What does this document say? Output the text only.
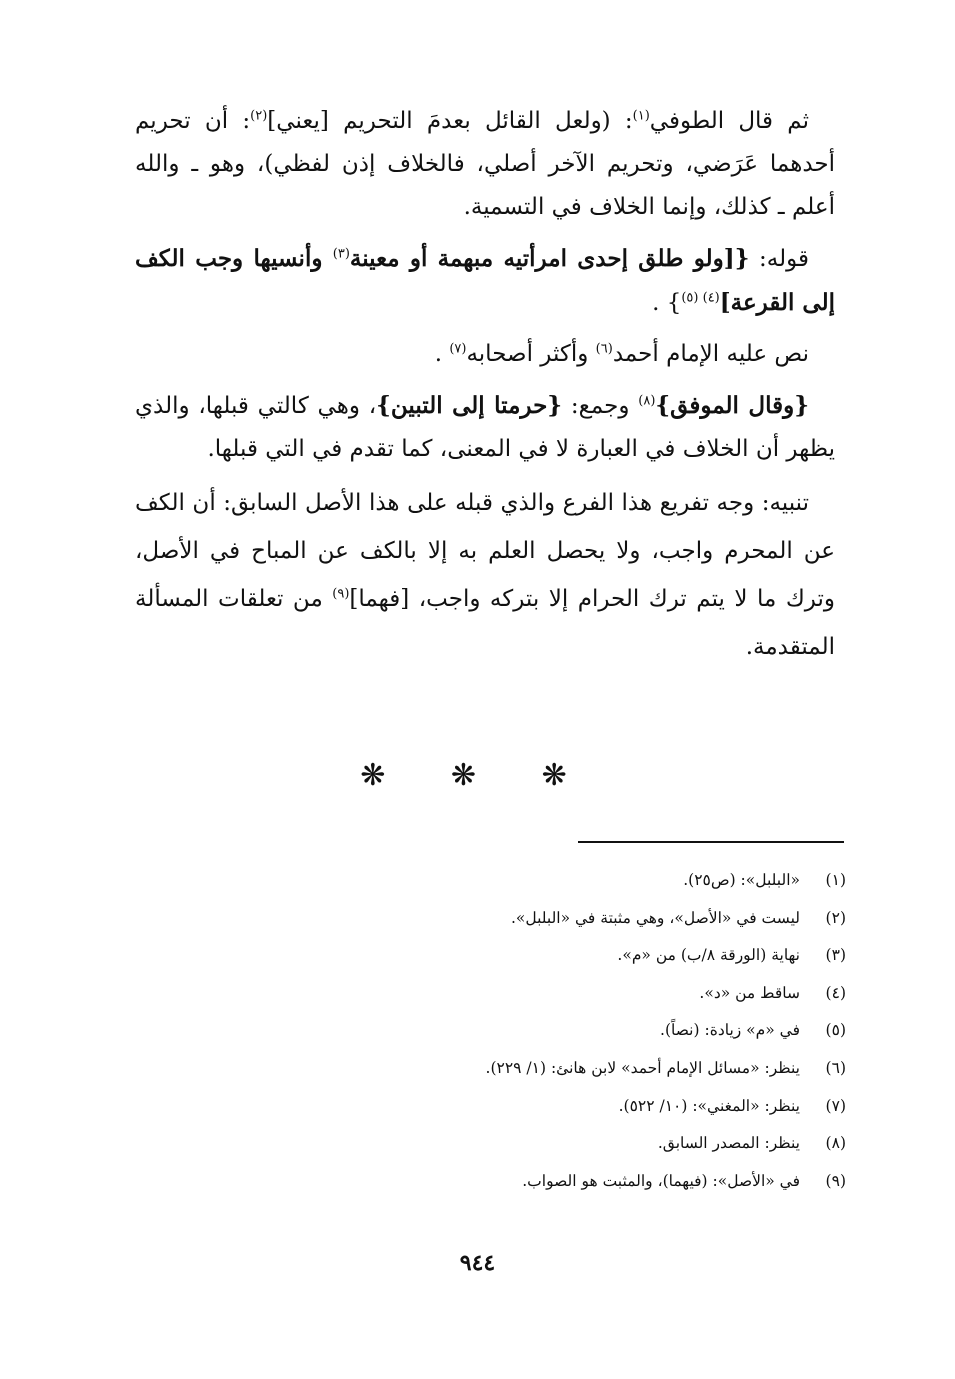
ثم قال الطوفي$^{(١)}$: (ولعل القائل بعدمَ التحريم [يعني]$^{(٢)}$: أن تحريم أحدهما عَرَضي، وتحريم الآخر أصلي، فالخلاف إذن لفظي)، وهو ـ والله أعلم ـ كذلك، وإنما الخلاف في التسمية.

قوله: {[ولو طلق إحدى امرأتيه مبهمة أو معينة$^{(٣)}$ وأنسيها وجب الكف إلى القرعة]$^{(٤) (٥)}$} .

نص عليه الإمام أحمد$^{(٦)}$ وأكثر أصحابه$^{(٧)}$ .

{وقال الموفق}$^{(٨)}$ وجمع: {حرمتا إلى التبين}، وهي كالتي قبلها، والذي يظهر أن الخلاف في العبارة لا في المعنى، كما تقدم في التي قبلها.

تنبيه: وجه تفريع هذا الفرع والذي قبله على هذا الأصل السابق: أن الكف عن المحرم واجب، ولا يحصل العلم به إلا بالكف عن المباح في الأصل، وترك ما لا يتم ترك الحرام إلا بتركه واجب، [فهما]$^{(٩)}$ من تعلقات المسألة المتقدمة.

❋ ❋ ❋
(١)«البلبل»: (ص٢٥).
(٢)ليست في «الأصل»، وهي مثبتة في «البلبل».
(٣)نهاية (الورقة ٨/ب) من «م».
(٤)ساقط من «د».
(٥)في «م» زيادة: (نصاً).
(٦)ينظر: «مسائل الإمام أحمد» لابن هانئ: (١/ ٢٢٩).
(٧)ينظر: «المغني»: (١٠/ ٥٢٢).
(٨)ينظر: المصدر السابق.
(٩)في «الأصل»: (فيهما)، والمثبت هو الصواب.
٩٤٤
